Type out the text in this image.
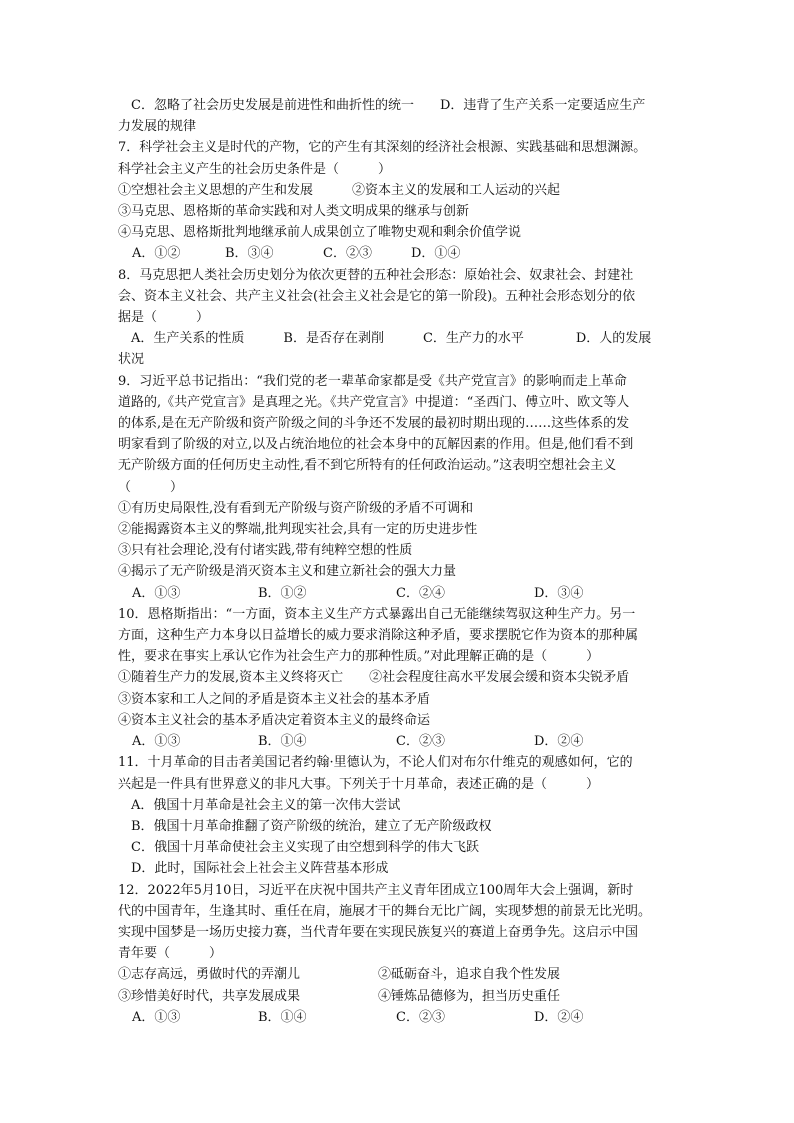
　C．忽略了社会历史发展是前进性和曲折性的统一　　D．违背了生产关系一定要适应生产
力发展的规律
7．科学社会主义是时代的产物，它的产生有其深刻的经济社会根源、实践基础和思想渊源。
科学社会主义产生的社会历史条件是（　　　）
①空想社会主义思想的产生和发展　　　②资本主义的发展和工人运动的兴起
③马克思、恩格斯的革命实践和对人类文明成果的继承与创新
④马克思、恩格斯批判地继承前人成果创立了唯物史观和剩余价值学说
A．①②	B．③④	C．②③	D．①④
8．马克思把人类社会历史划分为依次更替的五种社会形态：原始社会、奴隶社会、封建社
会、资本主义社会、共产主义社会(社会主义社会是它的第一阶段)。五种社会形态划分的依
据是（　　　）
　A．生产关系的性质　　　B．是否存在剥削　　　C．生产力的水平　　　　D．人的发展
状况
9．习近平总书记指出：“我们党的老一辈革命家都是受《共产党宣言》的影响而走上革命
道路的,《共产党宣言》是真理之光。《共产党宣言》中提道：“圣西门、傅立叶、欧文等人
的体系,是在无产阶级和资产阶级之间的斗争还不发展的最初时期出现的……这些体系的发
明家看到了阶级的对立,以及占统治地位的社会本身中的瓦解因素的作用。但是,他们看不到
无产阶级方面的任何历史主动性,看不到它所特有的任何政治运动。”这表明空想社会主义
（　　　）
①有历史局限性,没有看到无产阶级与资产阶级的矛盾不可调和
②能揭露资本主义的弊端,批判现实社会,具有一定的历史进步性
③只有社会理论,没有付诸实践,带有纯粹空想的性质
④揭示了无产阶级是消灭资本主义和建立新社会的强大力量
A．①③	B．①②	C．②④	D．③④
10．恩格斯指出：“一方面，资本主义生产方式暴露出自己无能继续驾驭这种生产力。另一
方面，这种生产力本身以日益增长的威力要求消除这种矛盾，要求摆脱它作为资本的那种属
性，要求在事实上承认它作为社会生产力的那种性质。”对此理解正确的是（　　　）
①随着生产力的发展,资本主义终将灭亡　　②社会程度往高水平发展会缓和资本尖锐矛盾
③资本家和工人之间的矛盾是资本主义社会的基本矛盾
④资本主义社会的基本矛盾决定着资本主义的最终命运
A．①③	B．①④	C．②③	D．②④
11．十月革命的目击者美国记者约翰·里德认为，不论人们对布尔什维克的观感如何，它的
兴起是一件具有世界意义的非凡大事。下列关于十月革命，表述正确的是（　　　）
　A．俄国十月革命是社会主义的第一次伟大尝试
　B．俄国十月革命推翻了资产阶级的统治，建立了无产阶级政权
　C．俄国十月革命使社会主义实现了由空想到科学的伟大飞跃
　D．此时，国际社会上社会主义阵营基本形成
12．2022年5月10日，习近平在庆祝中国共产主义青年团成立100周年大会上强调，新时
代的中国青年，生逢其时、重任在肩，施展才干的舞台无比广阔，实现梦想的前景无比光明。
实现中国梦是一场历史接力赛，当代青年要在实现民族复兴的赛道上奋勇争先。这启示中国
青年要（　　　）
①志存高远，勇做时代的弄潮儿　　　　　　②砥砺奋斗，追求自我个性发展
③珍惜美好时代，共享发展成果　　　　　　④锤炼品德修为，担当历史重任
A．①③	B．①④	C．②③	D．②④
